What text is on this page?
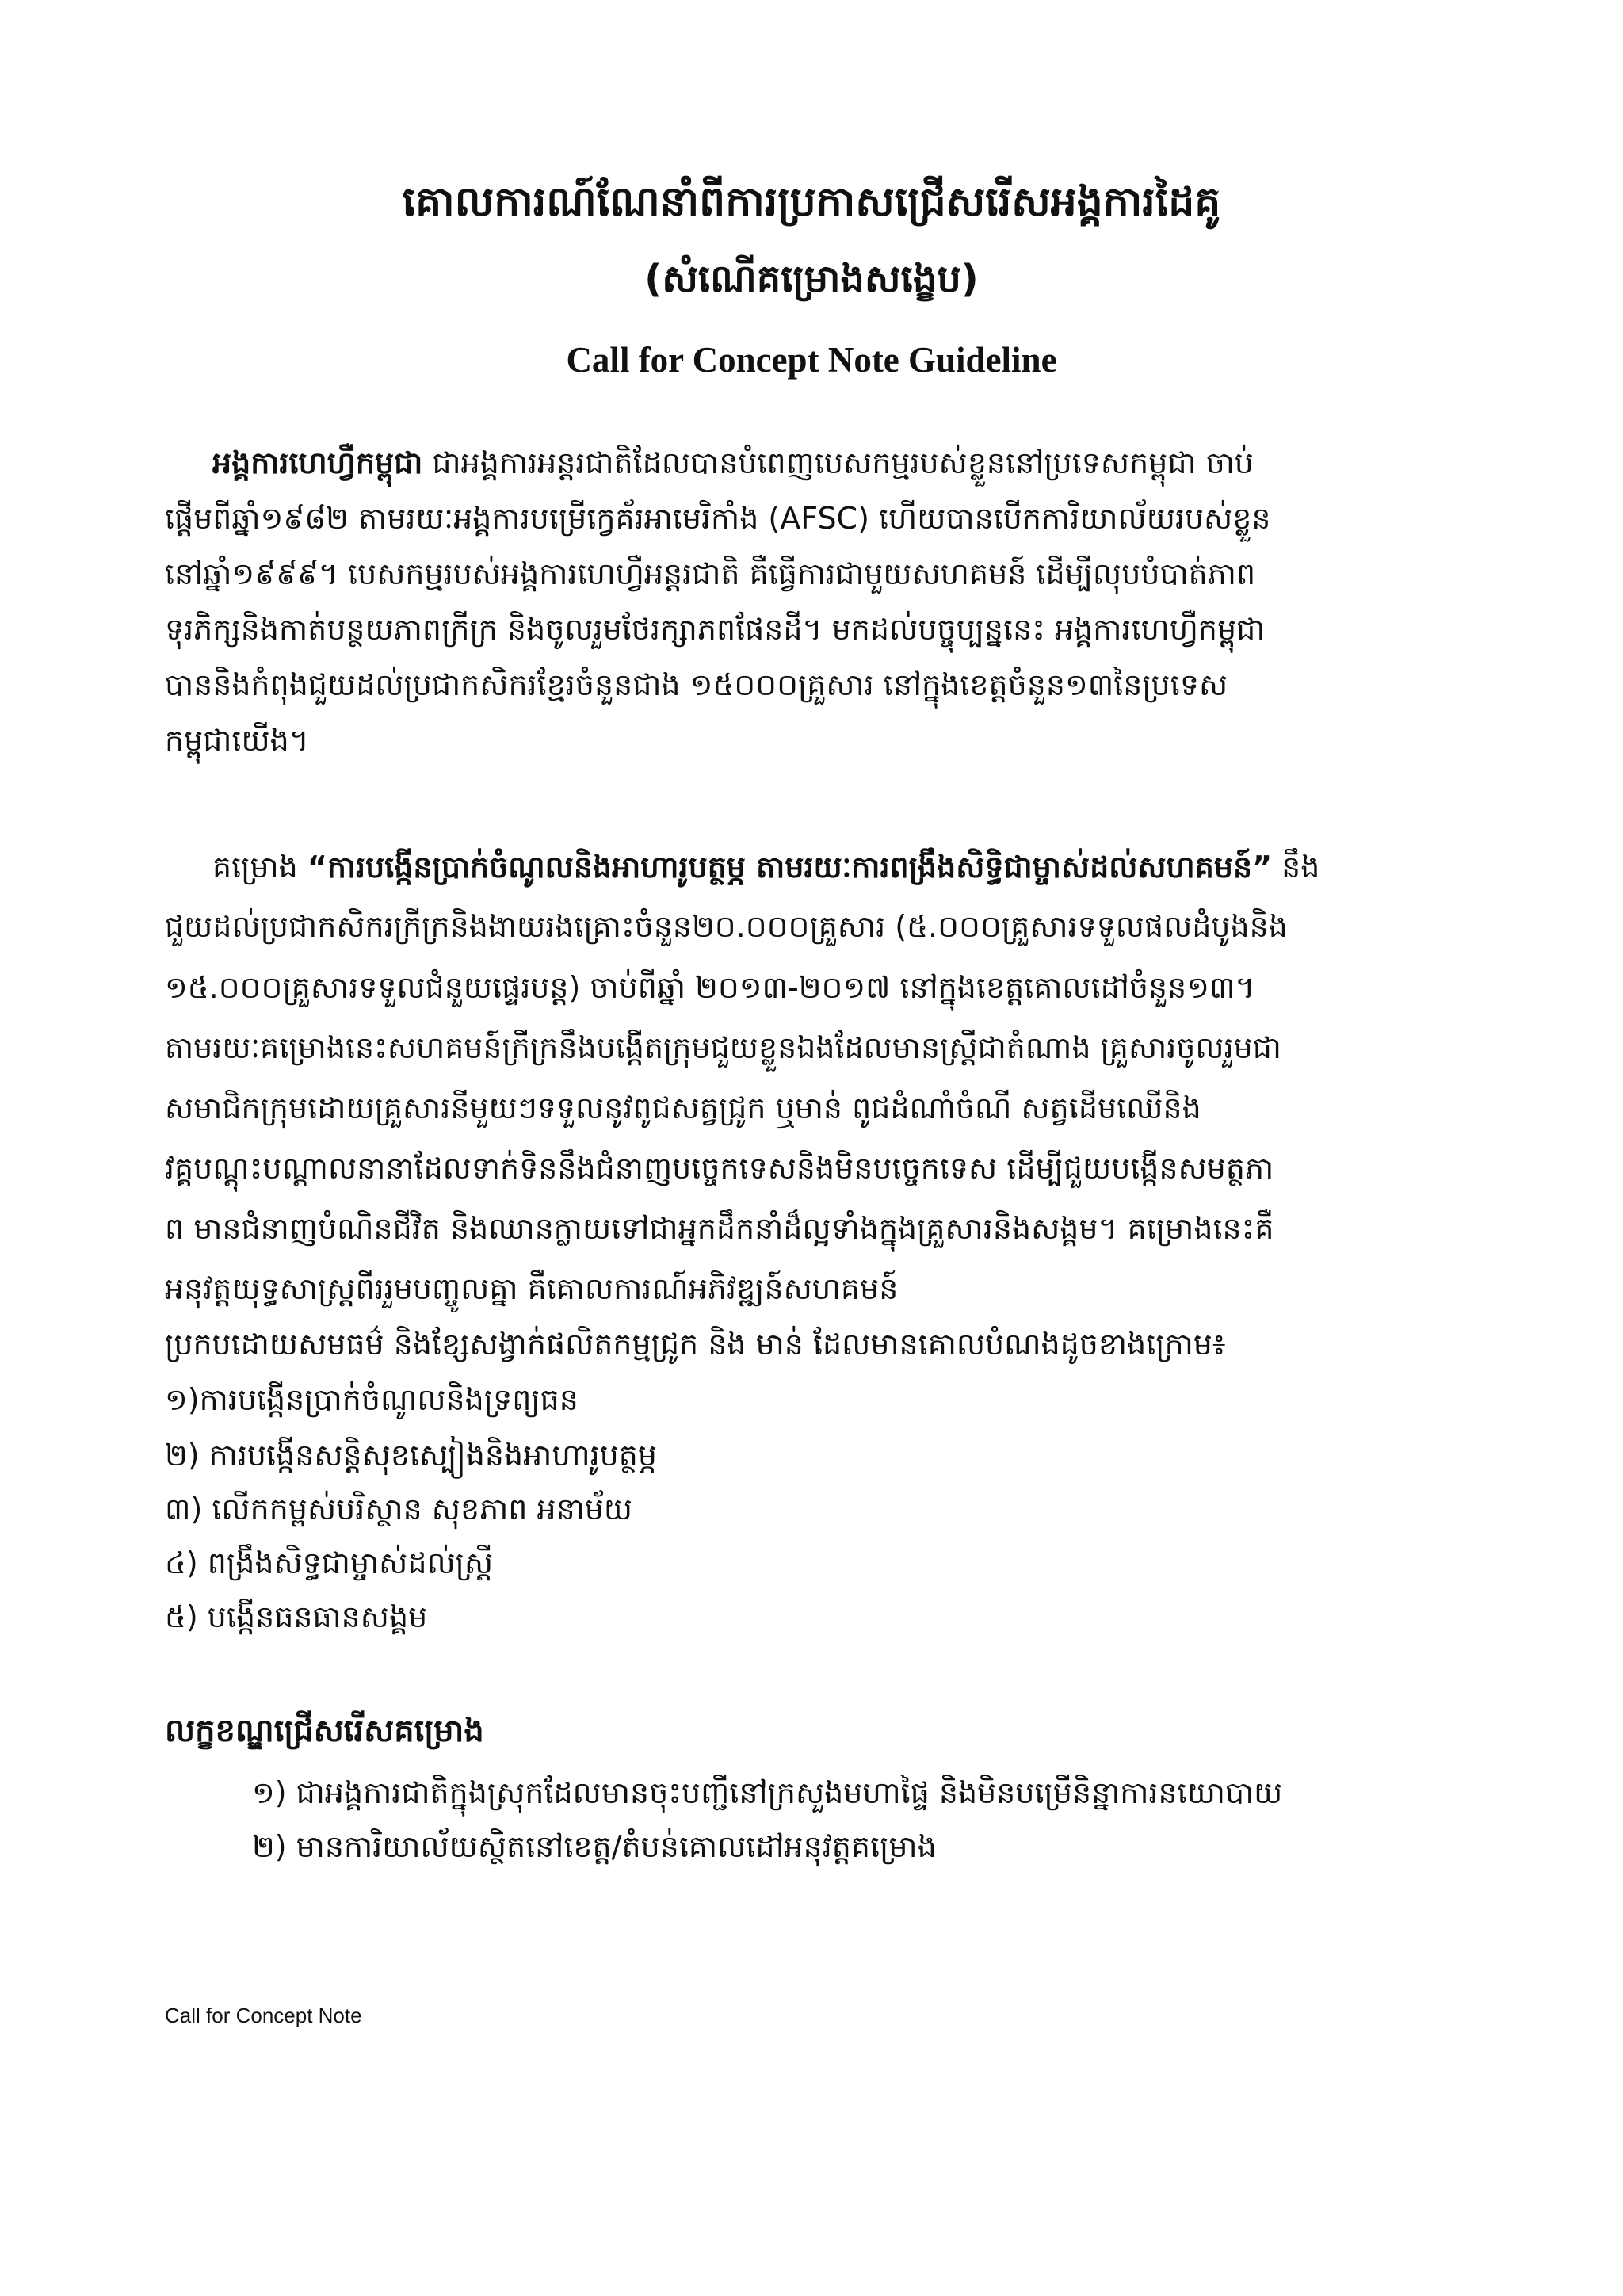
គោលការណ៍ណែនាំពីការប្រកាសជ្រើសរើសអង្គការដៃគូ
(សំណើគម្រោងសង្ខេប)
Call for Concept Note Guideline
អង្គការហេហ្វឺកម្ពុជា ជាអង្គការអន្តរជាតិដែលបានបំពេញបេសកម្មរបស់ខ្លួននៅប្រទេសកម្ពុជា ចាប់
ផ្តើមពីឆ្នាំ១៩៨២ តាមរយៈអង្គការបម្រើក្វេគ័រអាមេរិកាំង (AFSC) ហើយបានបើកការិយាល័យរបស់ខ្លួន
នៅឆ្នាំ១៩៩៩។ បេសកម្មរបស់អង្គការហេហ្វឺអន្តរជាតិ គឺធ្វើការជាមួយសហគមន៍ ដើម្បីលុបបំបាត់ភាព
ទុរភិក្សនិងកាត់បន្ថយភាពក្រីក្រ និងចូលរួមថែរក្សាភពផែនដី។ មកដល់បច្ចុប្បន្ននេះ អង្គការហេហ្វឺកម្ពុជា
បាននិងកំពុងជួយដល់ប្រជាកសិករខ្មែរចំនួនជាង ១៥០០០គ្រួសារ នៅក្នុងខេត្តចំនួន១៣នៃប្រទេស
កម្ពុជាយើង។
គម្រោង “ការបង្កើនប្រាក់ចំណូលនិងអាហារូបត្ថម្ភ តាមរយៈការពង្រឹងសិទ្ធិជាម្ចាស់ដល់សហគមន៍” នឹង
ជួយដល់ប្រជាកសិករក្រីក្រនិងងាយរងគ្រោះចំនួន២០.០០០គ្រួសារ (៥.០០០គ្រួសារទទួលផលដំបូងនិង
១៥.០០០គ្រួសារទទួលជំនួយផ្ទេរបន្ត) ចាប់ពីឆ្នាំ ២០១៣-២០១៧ នៅក្នុងខេត្តគោលដៅចំនួន១៣។
តាមរយៈគម្រោងនេះសហគមន៍ក្រីក្រនឹងបង្កើតក្រុមជួយខ្លួនឯងដែលមានស្ត្រីជាតំណាង គ្រួសារចូលរួមជា
សមាជិកក្រុមដោយគ្រួសារនីមួយៗទទួលនូវពូជសត្វជ្រូក ឬមាន់ ពូជដំណាំចំណី សត្វដើមឈើនិង
វគ្គបណ្តុះបណ្តាលនានាដែលទាក់ទិននឹងជំនាញបច្ចេកទេសនិងមិនបច្ចេកទេស ដើម្បីជួយបង្កើនសមត្ថភា
ព មានជំនាញបំណិនជីវិត និងឈានក្លាយទៅជាអ្នកដឹកនាំដ៏ល្អទាំងក្នុងគ្រួសារនិងសង្គម។ គម្រោងនេះគឺ
អនុវត្តយុទ្ធសាស្ត្រពីររួមបញ្ចូលគ្នា គឺគោលការណ៍អភិវឌ្ឍន៍សហគមន៍
ប្រកបដោយសមធម៌ និងខ្សែសង្វាក់ផលិតកម្មជ្រូក និង មាន់ ដែលមានគោលបំណងដូចខាងក្រោម៖
១)ការបង្កើនប្រាក់ចំណូលនិងទ្រព្យធន
២) ការបង្កើនសន្តិសុខស្បៀងនិងអាហារូបត្ថម្ភ
៣) លើកកម្ពស់បរិស្ថាន សុខភាព អនាម័យ
៤) ពង្រឹងសិទ្ធជាម្ចាស់ដល់ស្ត្រី
៥) បង្កើនធនធានសង្គម
លក្ខខណ្ឌជ្រើសរើសគម្រោង
១) ជាអង្គការជាតិក្នុងស្រុកដែលមានចុះបញ្ជីនៅក្រសួងមហាផ្ទៃ និងមិនបម្រើនិន្នាការនយោបាយ
២) មានការិយាល័យស្ថិតនៅខេត្ត/តំបន់គោលដៅអនុវត្តគម្រោង
Call for Concept Note
